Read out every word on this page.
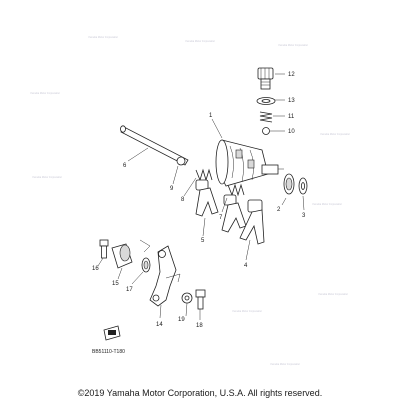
Yamaha Motor Corporation
Yamaha Motor Corporation
Yamaha Motor Corporation
Yamaha Motor Corporation
Yamaha Motor Corporation
Yamaha Motor Corporation
Yamaha Motor Corporation
Yamaha Motor Corporation
Yamaha Motor Corporation
Yamaha Motor Corporation
1
2
3
4
5
6
7
8
9
10
11
12
13
14
15
16
17
18
19
BB51110-T180
©2019 Yamaha Motor Corporation, U.S.A. All rights reserved.
